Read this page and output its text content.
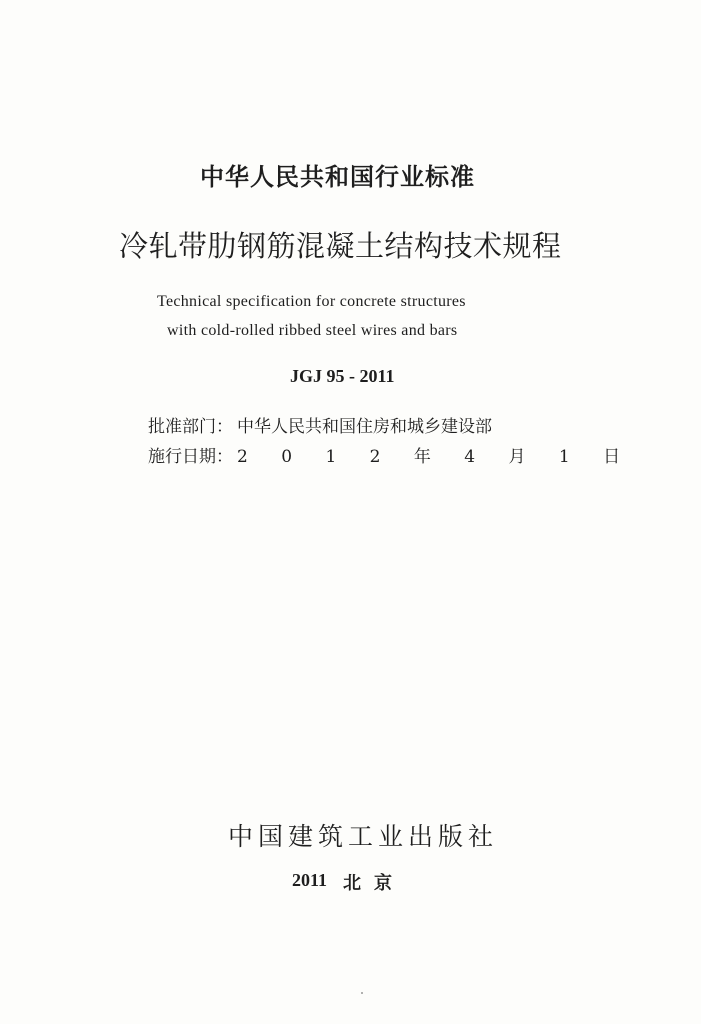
中华人民共和国行业标准
冷轧带肋钢筋混凝土结构技术规程
Technical specification for concrete structures
with cold-rolled ribbed steel wires and bars
JGJ 95 - 2011
批准部门： 中华人民共和国住房和城乡建设部
施行日期： 2 0 1 2 年 4 月 1 日
中国建筑工业出版社
2011 北京
